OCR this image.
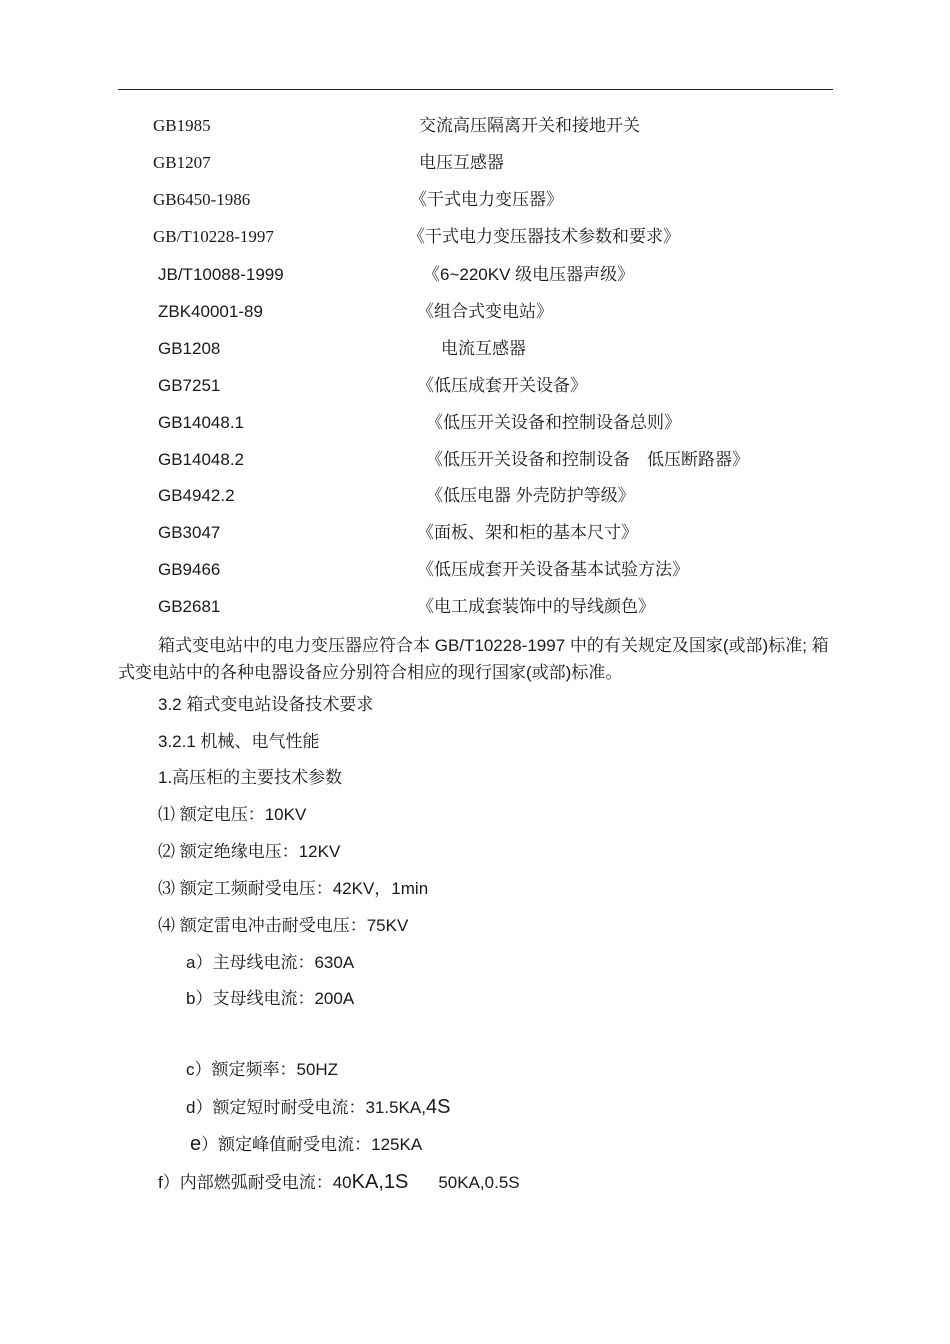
GB1985	交流高压隔离开关和接地开关
GB1207	电压互感器
GB6450-1986	《干式电力变压器》
GB/T10228-1997	《干式电力变压器技术参数和要求》
JB/T10088-1999	《6~220KV 级电压器声级》
ZBK40001-89	《组合式变电站》
GB1208	电流互感器
GB7251	《低压成套开关设备》
GB14048.1	《低压开关设备和控制设备总则》
GB14048.2	《低压开关设备和控制设备　低压断路器》
GB4942.2	《低压电器 外壳防护等级》
GB3047	《面板、架和柜的基本尺寸》
GB9466	《低压成套开关设备基本试验方法》
GB2681	《电工成套装饰中的导线颜色》
箱式变电站中的电力变压器应符合本 GB/T10228-1997 中的有关规定及国家(或部)标准; 箱式变电站中的各种电器设备应分别符合相应的现行国家(或部)标准。
3.2 箱式变电站设备技术要求
3.2.1 机械、电气性能
1.高压柜的主要技术参数
⑴ 额定电压：10KV
⑵ 额定绝缘电压：12KV
⑶ 额定工频耐受电压：42KV，1min
⑷ 额定雷电冲击耐受电压：75KV
a）主母线电流：630A
b）支母线电流：200A
c）额定频率：50HZ
d）额定短时耐受电流：31.5KA,4S
e）额定峰值耐受电流：125KA
f）内部燃弧耐受电流：40KA,1S 50KA,0.5S
